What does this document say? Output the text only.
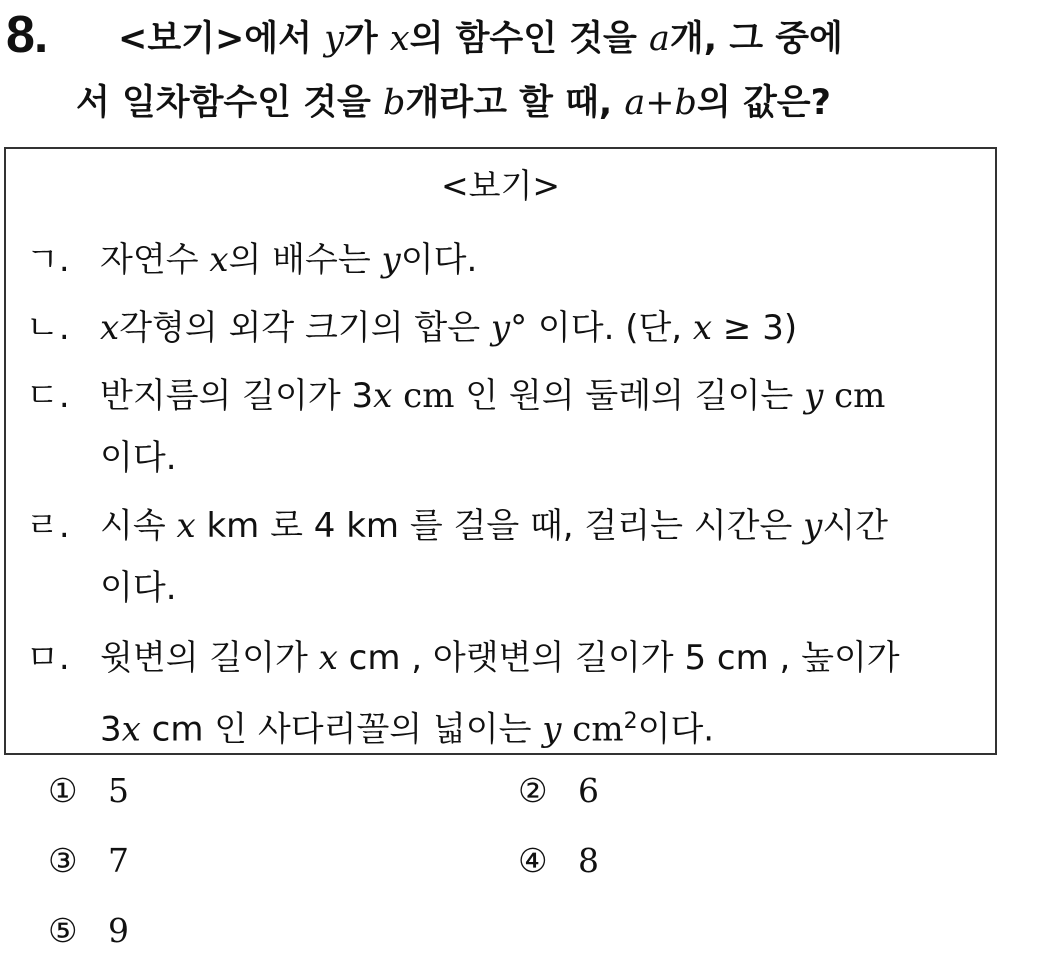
8. <보기>에서 y가 x의 함수인 것을 a개, 그 중에
서 일차함수인 것을 b개라고 할 때, a+b의 값은?
<보기>
ㄱ. 자연수 x의 배수는 y이다.
ㄴ. x각형의 외각 크기의 합은 y° 이다. (단, x ≥ 3)
ㄷ. 반지름의 길이가 3x cm 인 원의 둘레의 길이는 y cm
이다.
ㄹ. 시속 x km 로 4 km 를 걸을 때, 걸리는 시간은 y시간
이다.
ㅁ. 윗변의 길이가 x cm , 아랫변의 길이가 5 cm , 높이가
3x cm 인 사다리꼴의 넓이는 y $cm^2$이다.
① 5	② 6
③ 7	④ 8
⑤ 9
